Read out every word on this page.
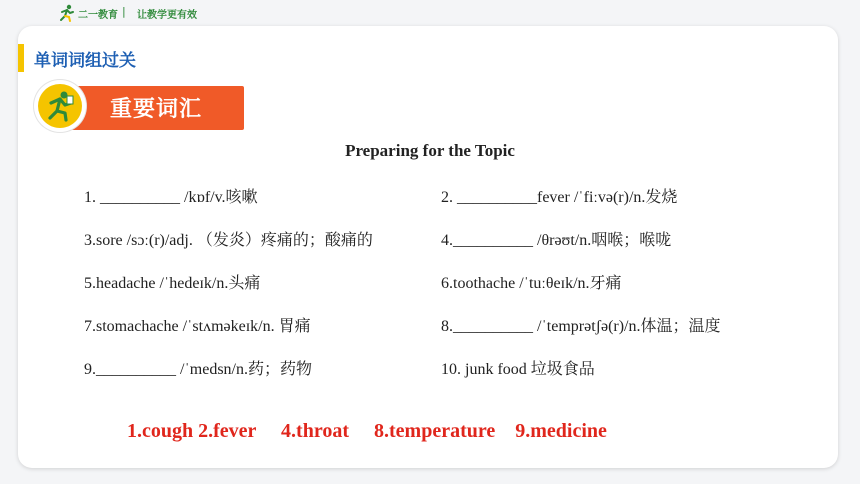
二一教育 | 让教学更有效
单词词组过关
重要词汇
Preparing for the Topic
1. __________ /kɒf/v.咳嗽	2. __________fever /ˈfiːvə(r)/n.发烧
3.sore /sɔː(r)/adj. （发炎）疼痛的；酸痛的	4.__________ /θrəʊt/n.咽喉；喉咙
5.headache /ˈhedeɪk/n.头痛	6.toothache /ˈtuːθeɪk/n.牙痛
7.stomachache /ˈstʌməkeɪk/n. 胃痛	8.__________ /ˈtemprətʃə(r)/n.体温；温度
9.__________ /ˈmedsn/n.药；药物	10. junk food 垃圾食品
1.cough 2.fever     4.throat     8.temperature    9.medicine
